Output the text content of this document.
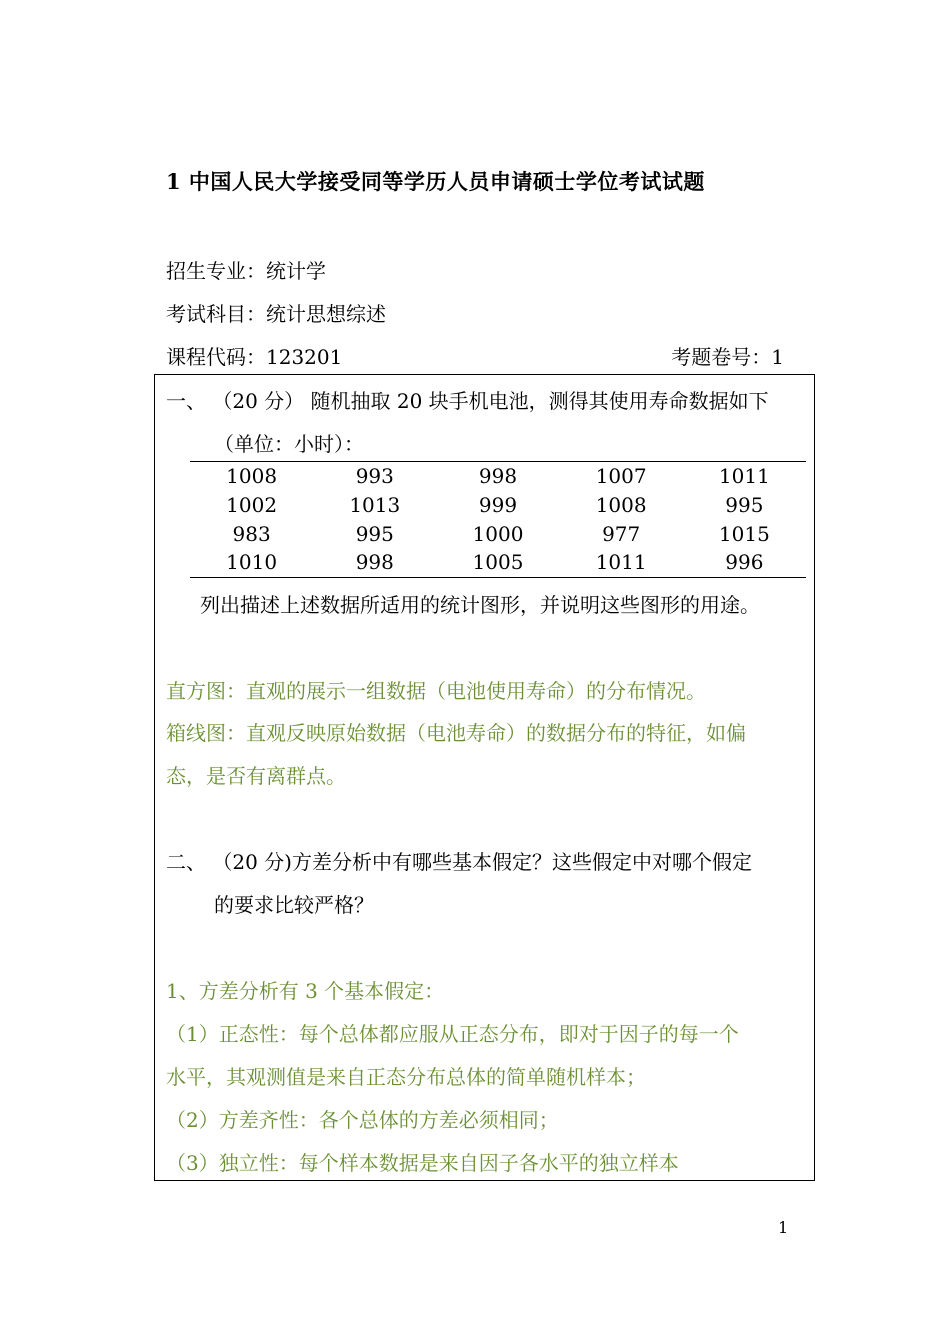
1 中国人民大学接受同等学历人员申请硕士学位考试试题
招生专业：统计学
考试科目：统计思想综述
课程代码：123201	考题卷号：1
一、 （20 分） 随机抽取 20 块手机电池，测得其使用寿命数据如下
（单位：小时）：
1008	993	998	1007	1011
1002	1013	999	1008	995
983	995	1000	977	1015
1010	998	1005	1011	996
列出描述上述数据所适用的统计图形，并说明这些图形的用途。
直方图：直观的展示一组数据（电池使用寿命）的分布情况。
箱线图：直观反映原始数据（电池寿命）的数据分布的特征，如偏
态，是否有离群点。
二、 （20 分)方差分析中有哪些基本假定？这些假定中对哪个假定
的要求比较严格？
1、方差分析有 3 个基本假定：
（1）正态性：每个总体都应服从正态分布，即对于因子的每一个
水平，其观测值是来自正态分布总体的简单随机样本；
（2）方差齐性：各个总体的方差必须相同；
（3）独立性：每个样本数据是来自因子各水平的独立样本
1
